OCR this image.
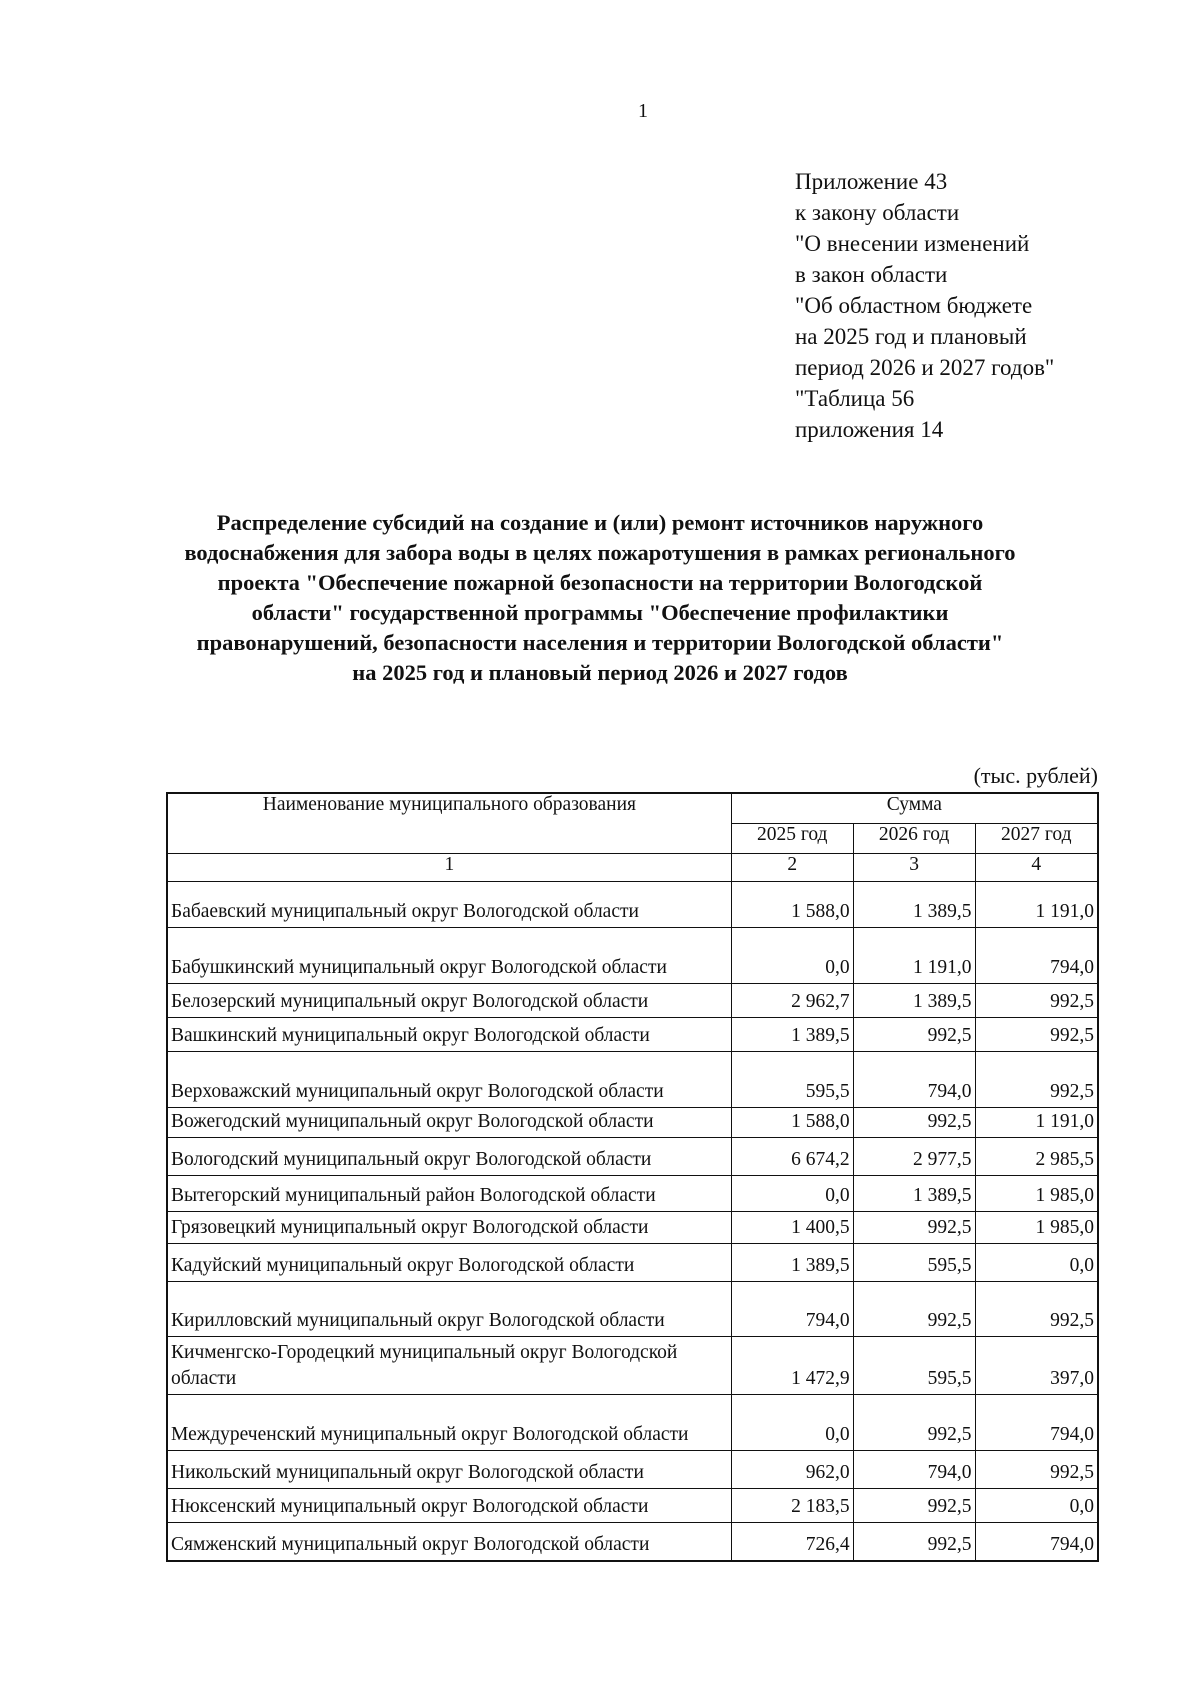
1
Приложение 43
к закону области
"О внесении изменений
в закон области
"Об областном бюджете
на 2025 год и плановый
период 2026 и 2027 годов"
"Таблица 56
приложения 14
Распределение субсидий на создание и (или) ремонт источников наружного
водоснабжения для забора воды в целях пожаротушения в рамках регионального
проекта "Обеспечение пожарной безопасности на территории Вологодской
области" государственной программы "Обеспечение профилактики
правонарушений, безопасности населения и территории Вологодской области"
на 2025 год и плановый период 2026 и 2027 годов
(тыс. рублей)
Наименование муниципального образования	Сумма		
	2025 год	2026 год	2027 год
1	2	3	4
Бабаевский муниципальный округ Вологодской области	1 588,0	1 389,5	1 191,0
Бабушкинский муниципальный округ Вологодской области	0,0	1 191,0	794,0
Белозерский муниципальный округ Вологодской области	2 962,7	1 389,5	992,5
Вашкинский муниципальный округ Вологодской области	1 389,5	992,5	992,5
Верховажский муниципальный округ Вологодской области	595,5	794,0	992,5
Вожегодский муниципальный округ Вологодской области	1 588,0	992,5	1 191,0
Вологодский муниципальный округ Вологодской области	6 674,2	2 977,5	2 985,5
Вытегорский муниципальный район Вологодской области	0,0	1 389,5	1 985,0
Грязовецкий муниципальный округ Вологодской области	1 400,5	992,5	1 985,0
Кадуйский муниципальный округ Вологодской области	1 389,5	595,5	0,0
Кирилловский муниципальный округ Вологодской области	794,0	992,5	992,5
Кичменгско-Городецкий муниципальный округ Вологодской области	1 472,9	595,5	397,0
Междуреченский муниципальный округ Вологодской области	0,0	992,5	794,0
Никольский муниципальный округ Вологодской области	962,0	794,0	992,5
Нюксенский муниципальный округ Вологодской области	2 183,5	992,5	0,0
Сямженский муниципальный округ Вологодской области	726,4	992,5	794,0
